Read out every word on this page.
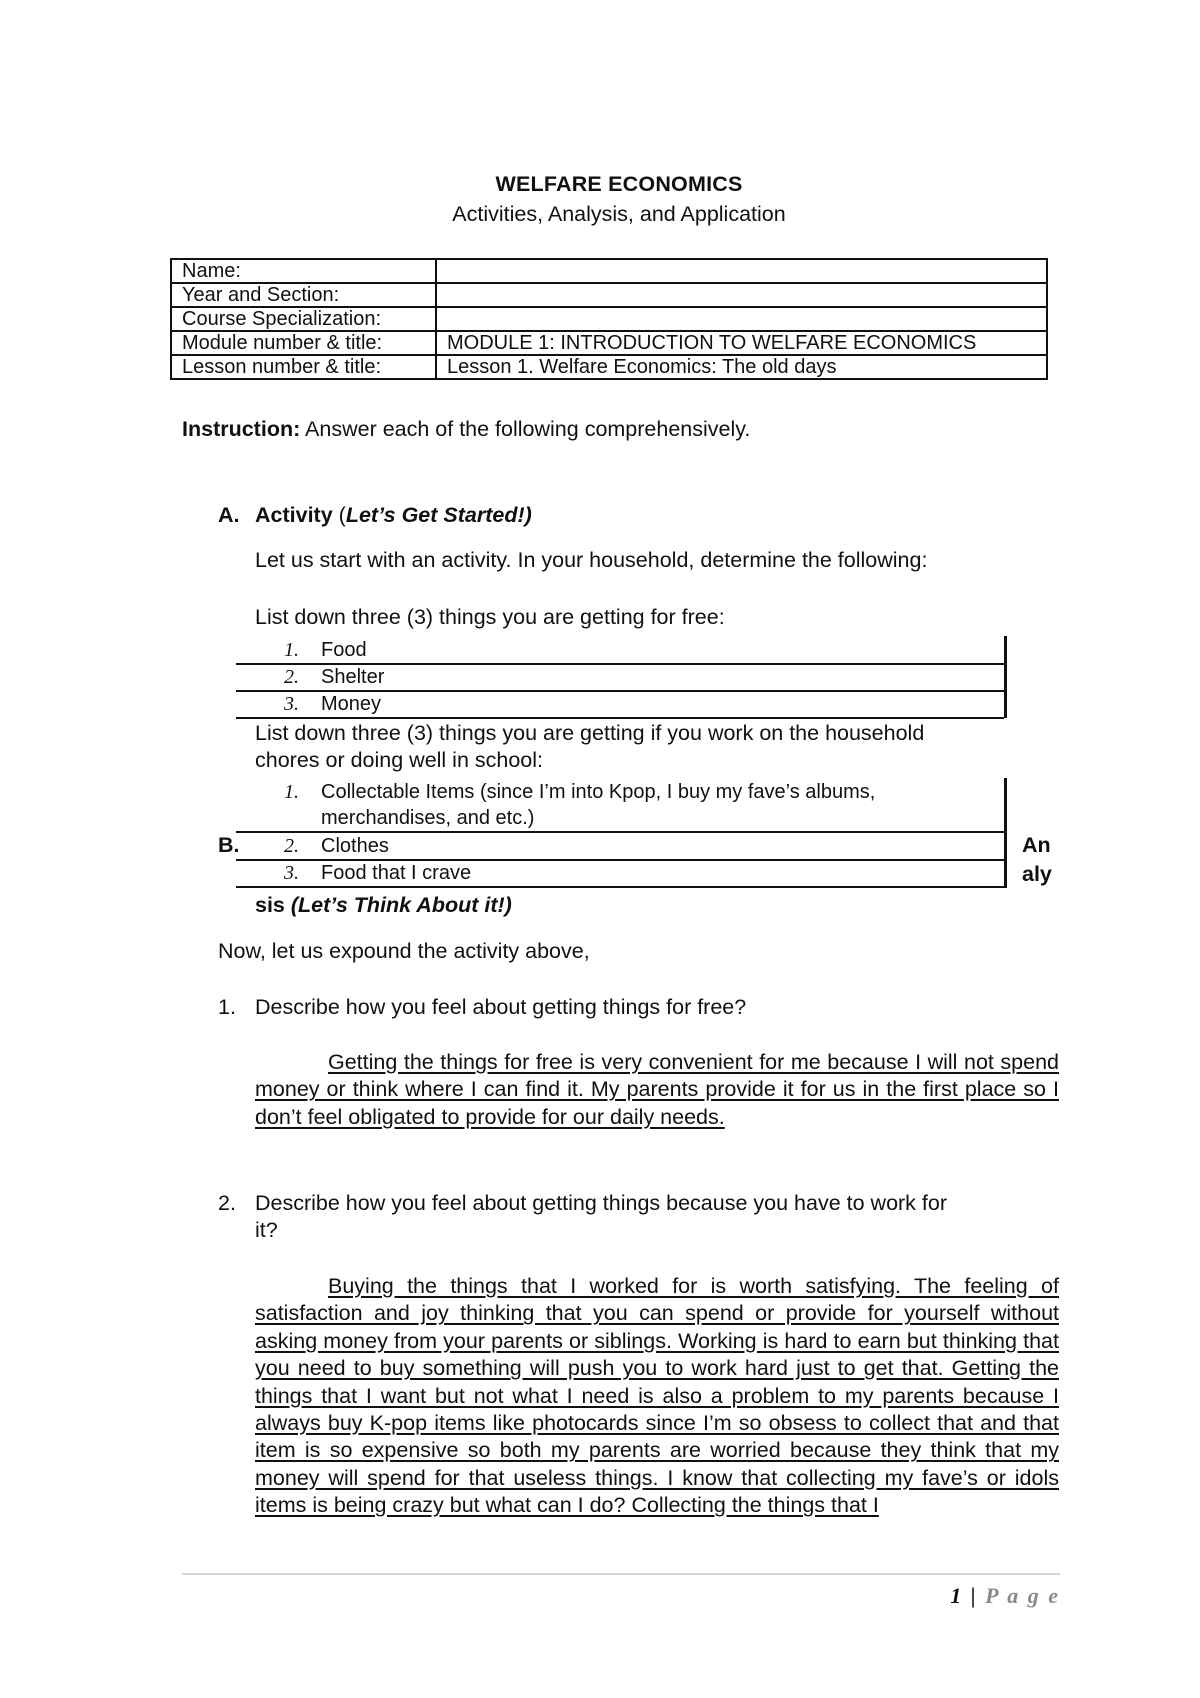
WELFARE ECONOMICS
Activities, Analysis, and Application
Name:	
Year and Section:	
Course Specialization:	
Module number & title:	MODULE 1: INTRODUCTION TO WELFARE ECONOMICS
Lesson number & title:	Lesson 1. Welfare Economics: The old days
Instruction: Answer each of the following comprehensively.
A. Activity (Let’s Get Started!)
Let us start with an activity. In your household, determine the following:
List down three (3) things you are getting for free:
1. Food
2. Shelter
3. Money
List down three (3) things you are getting if you work on the household
chores or doing well in school:
1. Collectable Items (since I’m into Kpop, I buy my fave’s albums,
merchandises, and etc.)
2. Clothes
3. Food that I crave
B.	An
aly
sis (Let’s Think About it!)
Now, let us expound the activity above,
1. Describe how you feel about getting things for free?
Getting the things for free is very convenient for me because I will not spend money or think where I can find it. My parents provide it for us in the first place so I don’t feel obligated to provide for our daily needs.
2. Describe how you feel about getting things because you have to work for
it?
Buying the things that I worked for is worth satisfying. The feeling of satisfaction and joy thinking that you can spend or provide for yourself without asking money from your parents or siblings. Working is hard to earn but thinking that you need to buy something will push you to work hard just to get that. Getting the things that I want but not what I need is also a problem to my parents because I always buy K-pop items like photocards since I’m so obsess to collect that and that item is so expensive so both my parents are worried because they think that my money will spend for that useless things. I know that collecting my fave’s or idols items is being crazy but what can I do? Collecting the things that I
1 | P a g e
